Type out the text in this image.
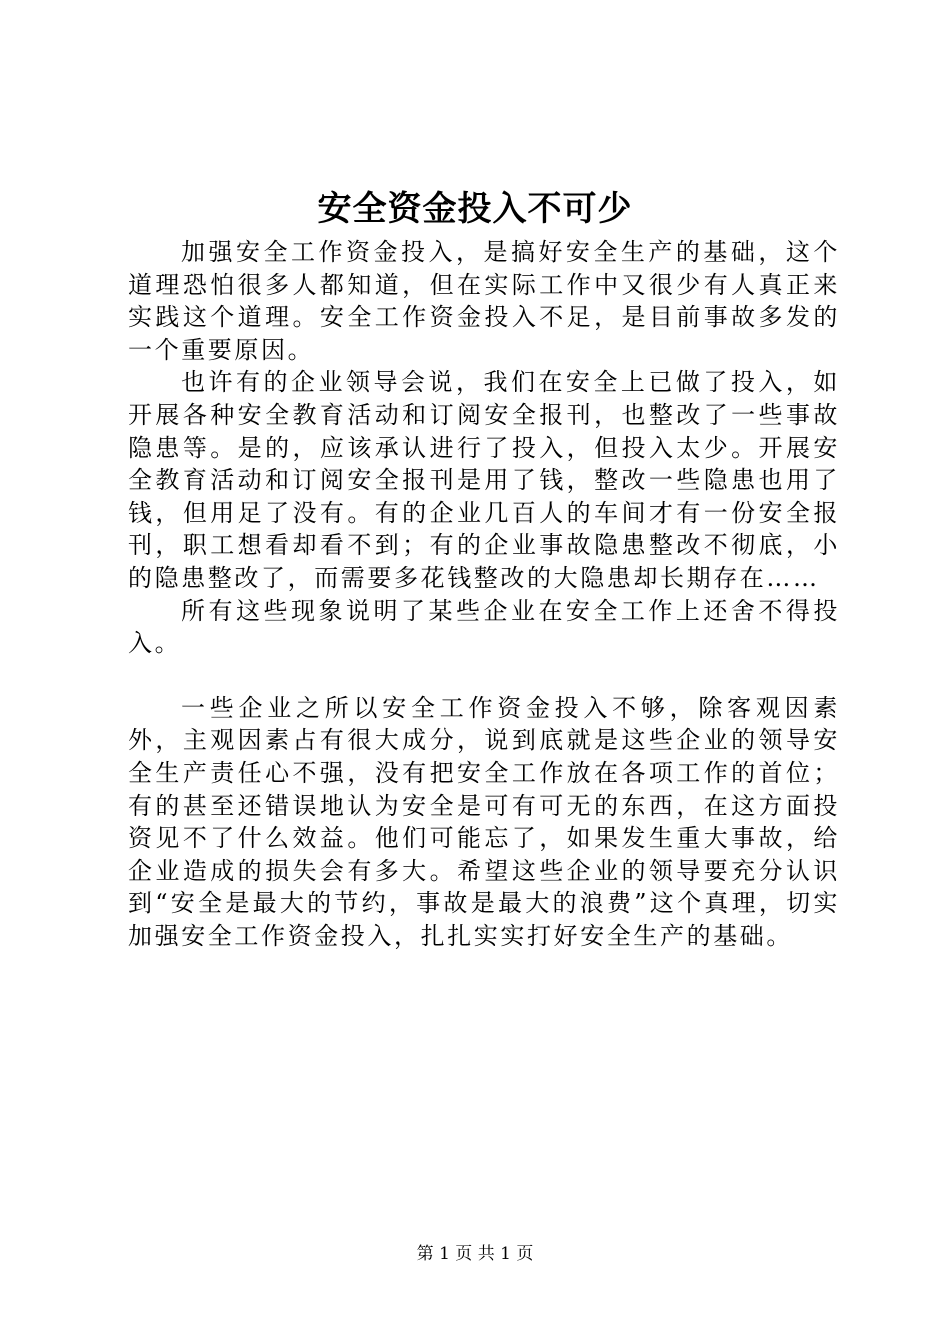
安全资金投入不可少

加强安全工作资金投入，是搞好安全生产的基础，这个道理恐怕很多人都知道，但在实际工作中又很少有人真正来实践这个道理。安全工作资金投入不足，是目前事故多发的一个重要原因。

也许有的企业领导会说，我们在安全上已做了投入，如开展各种安全教育活动和订阅安全报刊，也整改了一些事故隐患等。是的，应该承认进行了投入，但投入太少。开展安全教育活动和订阅安全报刊是用了钱，整改一些隐患也用了钱，但用足了没有。有的企业几百人的车间才有一份安全报刊，职工想看却看不到；有的企业事故隐患整改不彻底，小的隐患整改了，而需要多花钱整改的大隐患却长期存在……

所有这些现象说明了某些企业在安全工作上还舍不得投入。

一些企业之所以安全工作资金投入不够，除客观因素外，主观因素占有很大成分，说到底就是这些企业的领导安全生产责任心不强，没有把安全工作放在各项工作的首位；有的甚至还错误地认为安全是可有可无的东西，在这方面投资见不了什么效益。他们可能忘了，如果发生重大事故，给企业造成的损失会有多大。希望这些企业的领导要充分认识到“安全是最大的节约，事故是最大的浪费”这个真理，切实加强安全工作资金投入，扎扎实实打好安全生产的基础。

第 1 页 共 1 页
